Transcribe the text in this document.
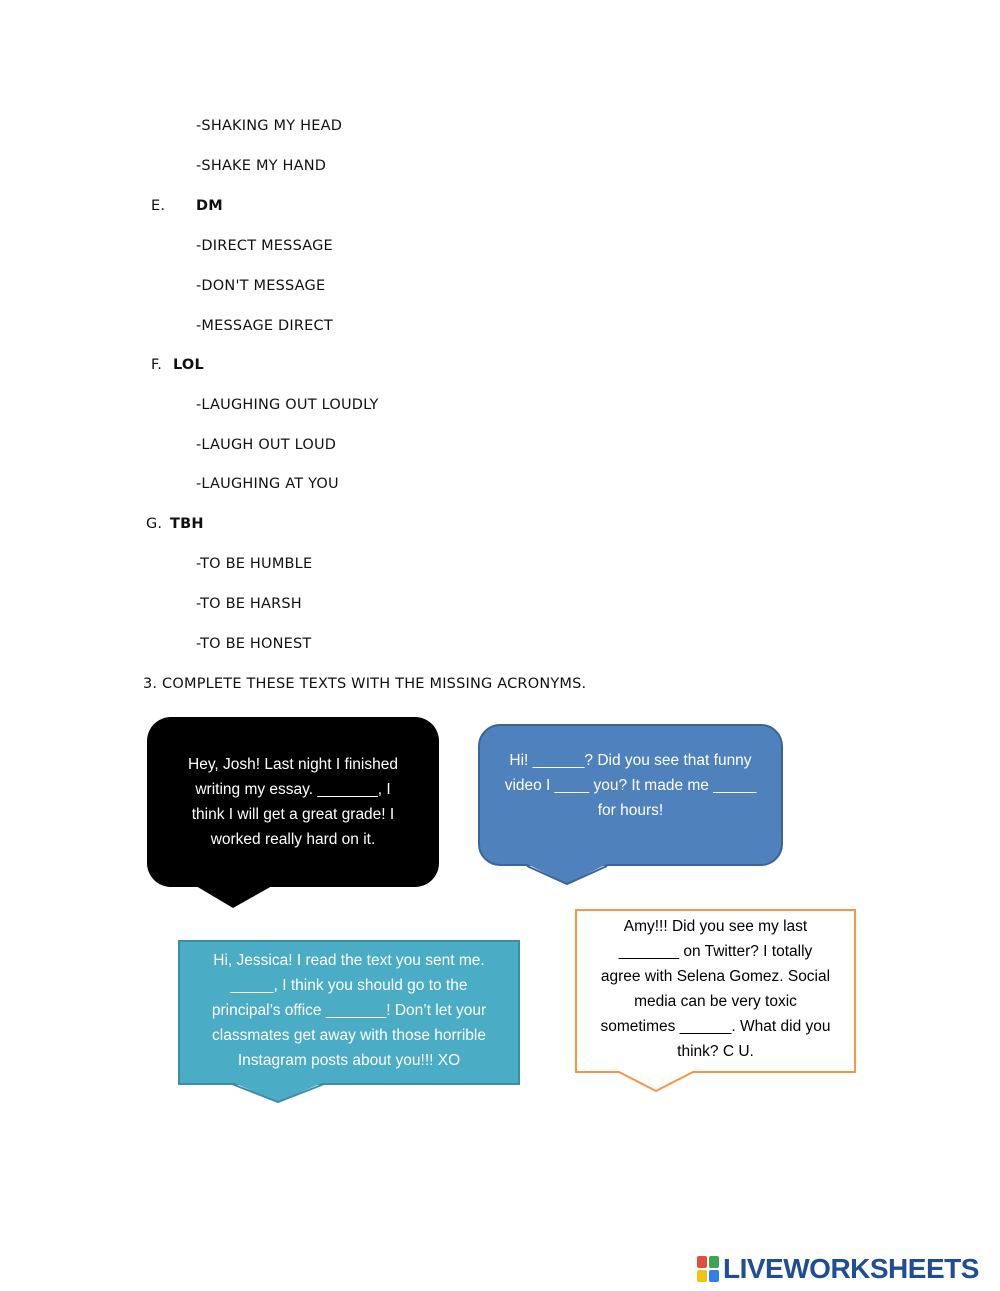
-SHAKING MY HEAD
-SHAKE MY HAND
E. DM
-DIRECT MESSAGE
-DON'T MESSAGE
-MESSAGE DIRECT
F. LOL
-LAUGHING OUT LOUDLY
-LAUGH OUT LOUD
-LAUGHING AT YOU
G. TBH
-TO BE HUMBLE
-TO BE HARSH
-TO BE HONEST
3. COMPLETE THESE TEXTS WITH THE MISSING ACRONYMS.
Hey, Josh! Last night I finished
writing my essay. _______, I
think I will get a great grade! I
worked really hard on it.
Hi! ______? Did you see that funny
video I ____ you? It made me _____
for hours!
Hi, Jessica! I read the text you sent me.
_____, I think you should go to the
principal’s office _______! Don’t let your
classmates get away with those horrible
Instagram posts about you!!! XO
Amy!!! Did you see my last
_______ on Twitter? I totally
agree with Selena Gomez. Social
media can be very toxic
sometimes ______. What did you
think? C U.
LIVEWORKSHEETS
